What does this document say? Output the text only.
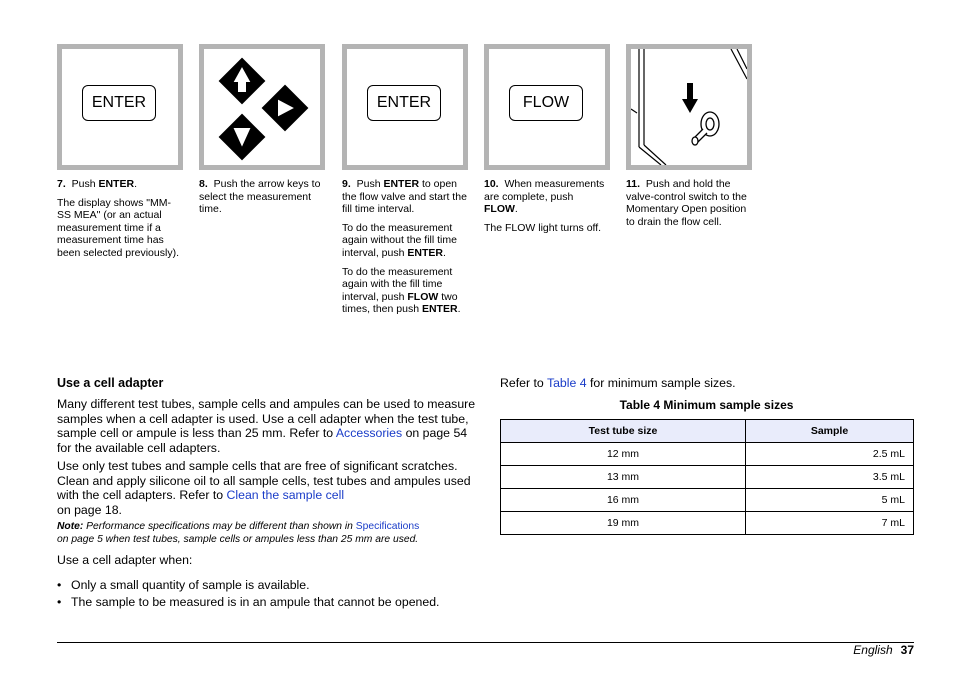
ENTER	ENTER	FLOW

7. Push ENTER.

The display shows "MM-SS MEA" (or an actual measurement time if a measurement time has been selected previously).

8. Push the arrow keys to select the measurement time.

9. Push ENTER to open the flow valve and start the fill time interval.

To do the measurement again without the fill time interval, push ENTER.

To do the measurement again with the fill time interval, push FLOW two times, then push ENTER.

10. When measurements are complete, push FLOW.

The FLOW light turns off.

11. Push and hold the valve-control switch to the Momentary Open position to drain the flow cell.

Use a cell adapter

Many different test tubes, sample cells and ampules can be used to measure samples when a cell adapter is used. Use a cell adapter when the test tube, sample cell or ampule is less than 25 mm. Refer to Accessories on page 54 for the available cell adapters.

Use only test tubes and sample cells that are free of significant scratches. Clean and apply silicone oil to all sample cells, test tubes and ampules used with the cell adapters. Refer to Clean the sample cell
on page 18.

Note: Performance specifications may be different than shown in Specifications
on page 5 when test tubes, sample cells or ampules less than 25 mm are used.

Use a cell adapter when:

• Only a small quantity of sample is available.
• The sample to be measured is in an ampule that cannot be opened.
Refer to Table 4 for minimum sample sizes.
Table 4 Minimum sample sizes
Test tube size	Sample
12 mm	2.5 mL
13 mm	3.5 mL
16 mm	5 mL
19 mm	7 mL
English 37
